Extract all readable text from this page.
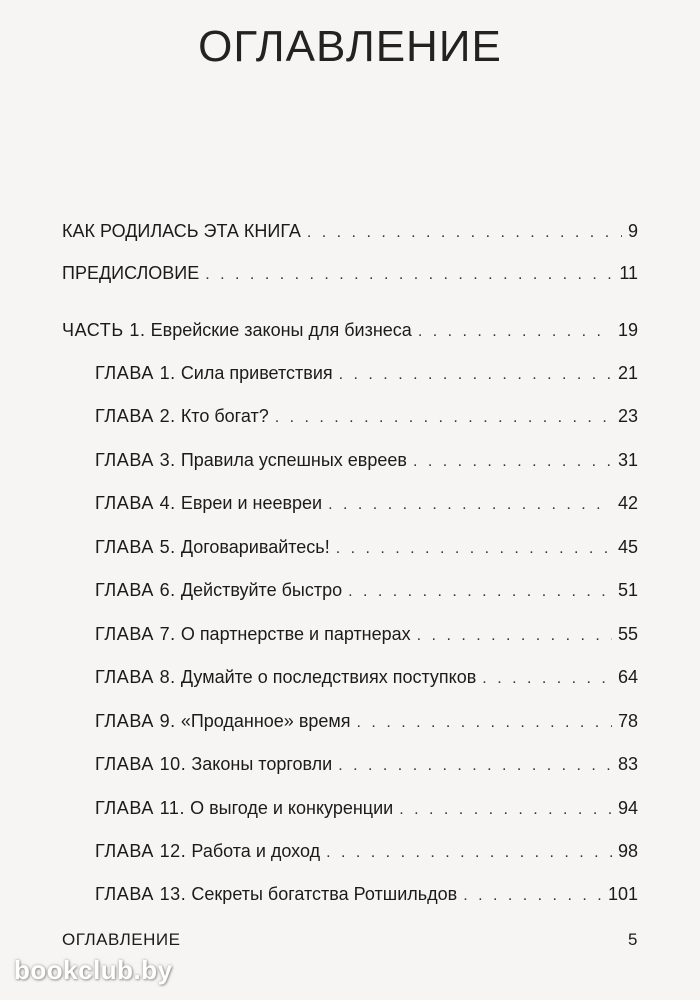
ОГЛАВЛЕНИЕ
КАК РОДИЛАСЬ ЭТА КНИГА . . .	9
ПРЕДИСЛОВИЕ . . .	11
ЧАСТЬ 1. Еврейские законы для бизнеса . . .	19
ГЛАВА 1. Сила приветствия . . .	21
ГЛАВА 2. Кто богат? . . .	23
ГЛАВА 3. Правила успешных евреев . . .	31
ГЛАВА 4. Евреи и неевреи . . .	42
ГЛАВА 5. Договаривайтесь! . . .	45
ГЛАВА 6. Действуйте быстро . . .	51
ГЛАВА 7. О партнерстве и партнерах . . .	55
ГЛАВА 8. Думайте о последствиях поступков . . .	64
ГЛАВА 9. «Проданное» время . . .	78
ГЛАВА 10. Законы торговли . . .	83
ГЛАВА 11. О выгоде и конкуренции . . .	94
ГЛАВА 12. Работа и доход . . .	98
ГЛАВА 13. Секреты богатства Ротшильдов . . .	101
ОГЛАВЛЕНИЕ	5
bookclub.by
